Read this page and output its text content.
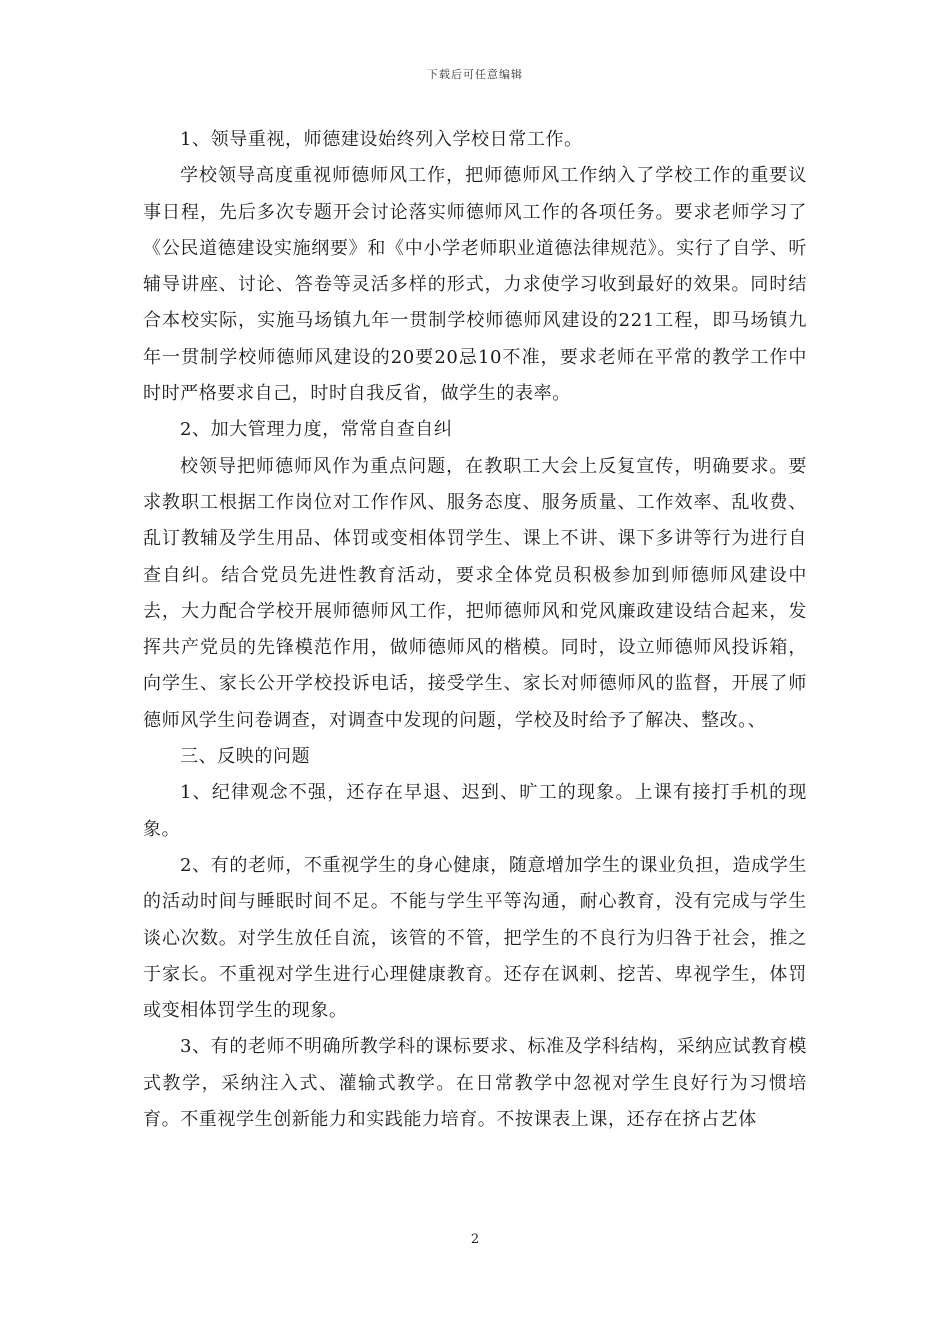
下载后可任意编辑

1、领导重视，师德建设始终列入学校日常工作。

学校领导高度重视师德师风工作，把师德师风工作纳入了学校工作的重要议事日程，先后多次专题开会讨论落实师德师风工作的各项任务。要求老师学习了《公民道德建设实施纲要》和《中小学老师职业道德法律规范》。实行了自学、听辅导讲座、讨论、答卷等灵活多样的形式，力求使学习收到最好的效果。同时结合本校实际，实施马场镇九年一贯制学校师德师风建设的221工程，即马场镇九年一贯制学校师德师风建设的20要20忌10不准，要求老师在平常的教学工作中时时严格要求自己，时时自我反省，做学生的表率。

2、加大管理力度，常常自查自纠

校领导把师德师风作为重点问题，在教职工大会上反复宣传，明确要求。要求教职工根据工作岗位对工作作风、服务态度、服务质量、工作效率、乱收费、乱订教辅及学生用品、体罚或变相体罚学生、课上不讲、课下多讲等行为进行自查自纠。结合党员先进性教育活动，要求全体党员积极参加到师德师风建设中去，大力配合学校开展师德师风工作，把师德师风和党风廉政建设结合起来，发挥共产党员的先锋模范作用，做师德师风的楷模。同时，设立师德师风投诉箱，向学生、家长公开学校投诉电话，接受学生、家长对师德师风的监督，开展了师德师风学生问卷调查，对调查中发现的问题，学校及时给予了解决、整改。、

三、反映的问题

1、纪律观念不强，还存在早退、迟到、旷工的现象。上课有接打手机的现象。

2、有的老师，不重视学生的身心健康，随意增加学生的课业负担，造成学生的活动时间与睡眠时间不足。不能与学生平等沟通，耐心教育，没有完成与学生谈心次数。对学生放任自流，该管的不管，把学生的不良行为归咎于社会，推之于家长。不重视对学生进行心理健康教育。还存在讽刺、挖苦、卑视学生，体罚或变相体罚学生的现象。

3、有的老师不明确所教学科的课标要求、标准及学科结构，采纳应试教育模式教学，采纳注入式、灌输式教学。在日常教学中忽视对学生良好行为习惯培育。不重视学生创新能力和实践能力培育。不按课表上课，还存在挤占艺体

2
